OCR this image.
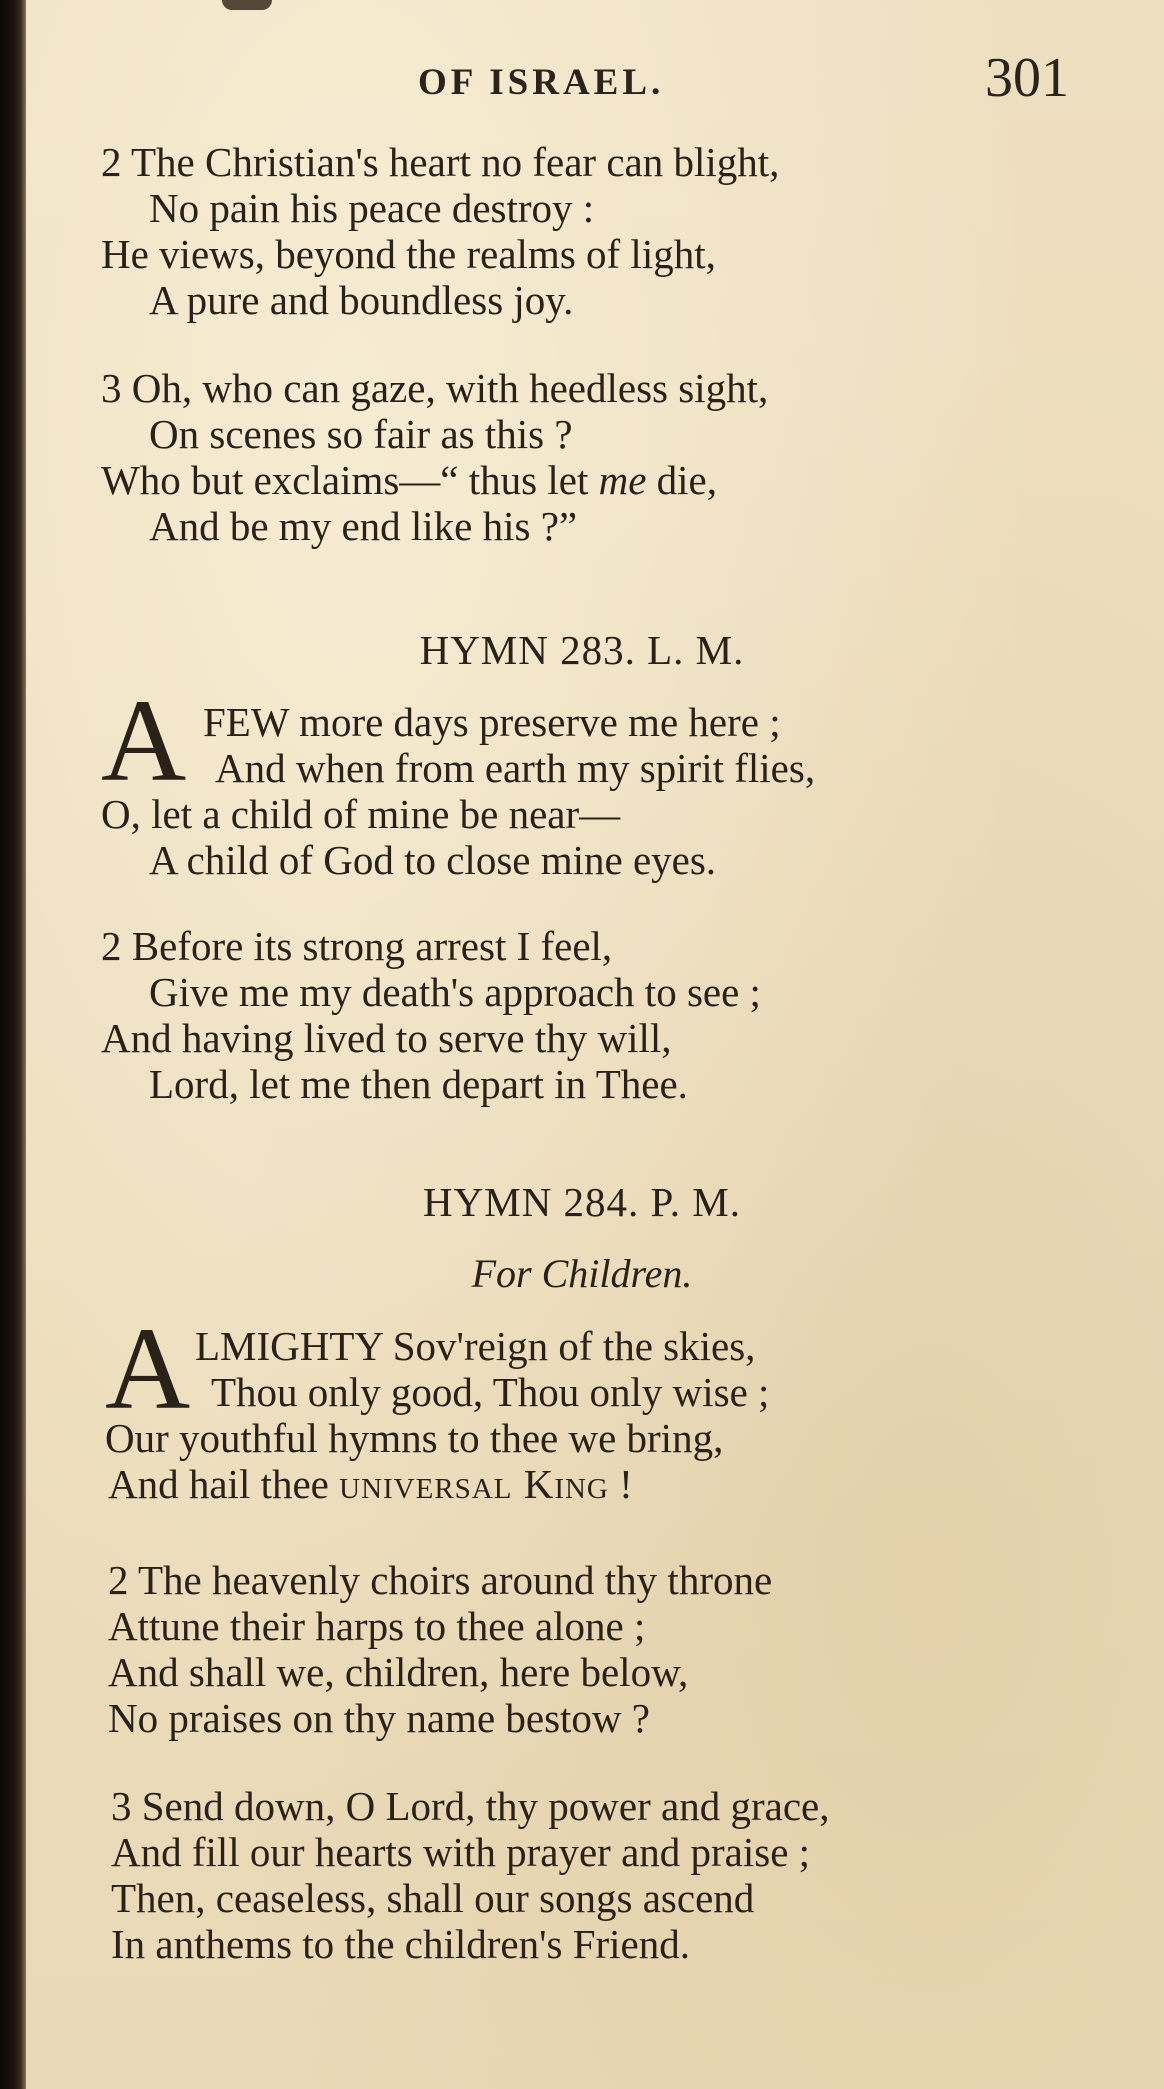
OF ISRAEL.	301
2 The Christian's heart no fear can blight,
No pain his peace destroy :
He views, beyond the realms of light,
A pure and boundless joy.
3 Oh, who can gaze, with heedless sight,
On scenes so fair as this ?
Who but exclaims—“ thus let me die,
And be my end like his ?”
HYMN 283. L. M.
A FEW more days preserve me here ;
And when from earth my spirit flies,
O, let a child of mine be near—
A child of God to close mine eyes.
2 Before its strong arrest I feel,
Give me my death's approach to see ;
And having lived to serve thy will,
Lord, let me then depart in Thee.
HYMN 284. P. M.
For Children.
A LMIGHTY Sov'reign of the skies,
Thou only good, Thou only wise ;
Our youthful hymns to thee we bring,
And hail thee universal King !
2 The heavenly choirs around thy throne
Attune their harps to thee alone ;
And shall we, children, here below,
No praises on thy name bestow ?
3 Send down, O Lord, thy power and grace,
And fill our hearts with prayer and praise ;
Then, ceaseless, shall our songs ascend
In anthems to the children's Friend.
